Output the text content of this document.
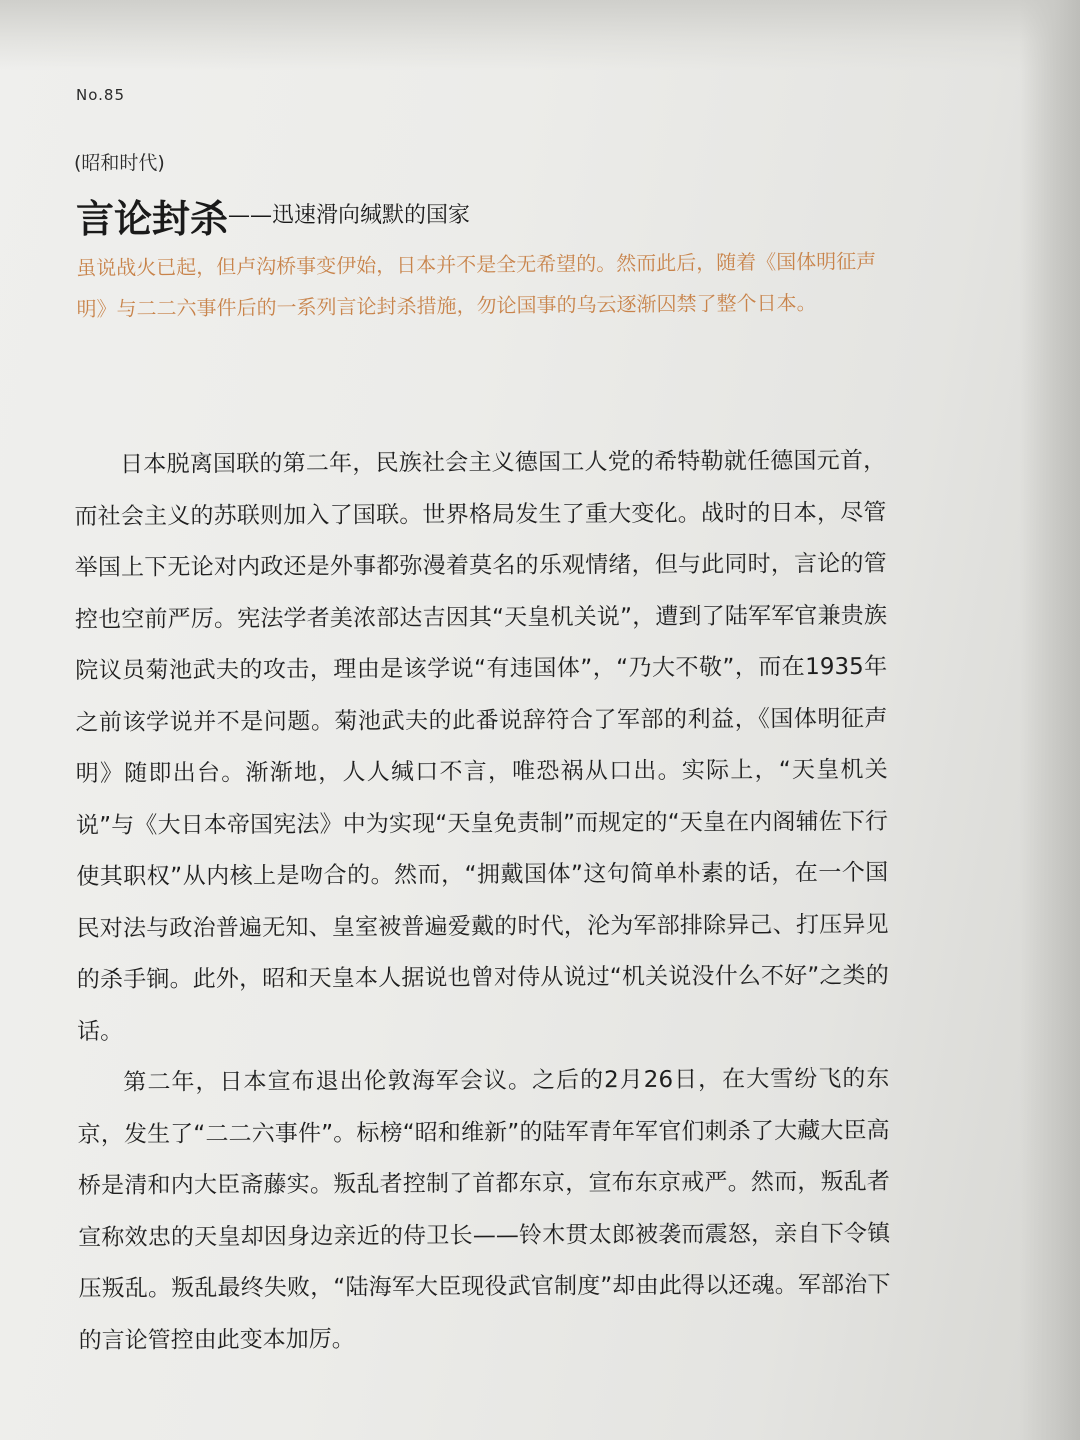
No.85
(昭和时代)
言论封杀——迅速滑向缄默的国家
虽说战火已起，但卢沟桥事变伊始，日本并不是全无希望的。然而此后，随着《国体明征声明》与二二六事件后的一系列言论封杀措施，勿论国事的乌云逐渐囚禁了整个日本。

日本脱离国联的第二年，民族社会主义德国工人党的希特勒就任德国元首，而社会主义的苏联则加入了国联。世界格局发生了重大变化。战时的日本，尽管举国上下无论对内政还是外事都弥漫着莫名的乐观情绪，但与此同时，言论的管控也空前严厉。宪法学者美浓部达吉因其“天皇机关说”，遭到了陆军军官兼贵族院议员菊池武夫的攻击，理由是该学说“有违国体”，“乃大不敬”，而在1935年之前该学说并不是问题。菊池武夫的此番说辞符合了军部的利益，《国体明征声明》随即出台。渐渐地，人人缄口不言，唯恐祸从口出。实际上，“天皇机关说”与《大日本帝国宪法》中为实现“天皇免责制”而规定的“天皇在内阁辅佐下行使其职权”从内核上是吻合的。然而，“拥戴国体”这句简单朴素的话，在一个国民对法与政治普遍无知、皇室被普遍爱戴的时代，沦为军部排除异己、打压异见的杀手锏。此外，昭和天皇本人据说也曾对侍从说过“机关说没什么不好”之类的话。

第二年，日本宣布退出伦敦海军会议。之后的2月26日，在大雪纷飞的东京，发生了“二二六事件”。标榜“昭和维新”的陆军青年军官们刺杀了大藏大臣高桥是清和内大臣斋藤实。叛乱者控制了首都东京，宣布东京戒严。然而，叛乱者宣称效忠的天皇却因身边亲近的侍卫长——铃木贯太郎被袭而震怒，亲自下令镇压叛乱。叛乱最终失败，“陆海军大臣现役武官制度”却由此得以还魂。军部治下的言论管控由此变本加厉。
